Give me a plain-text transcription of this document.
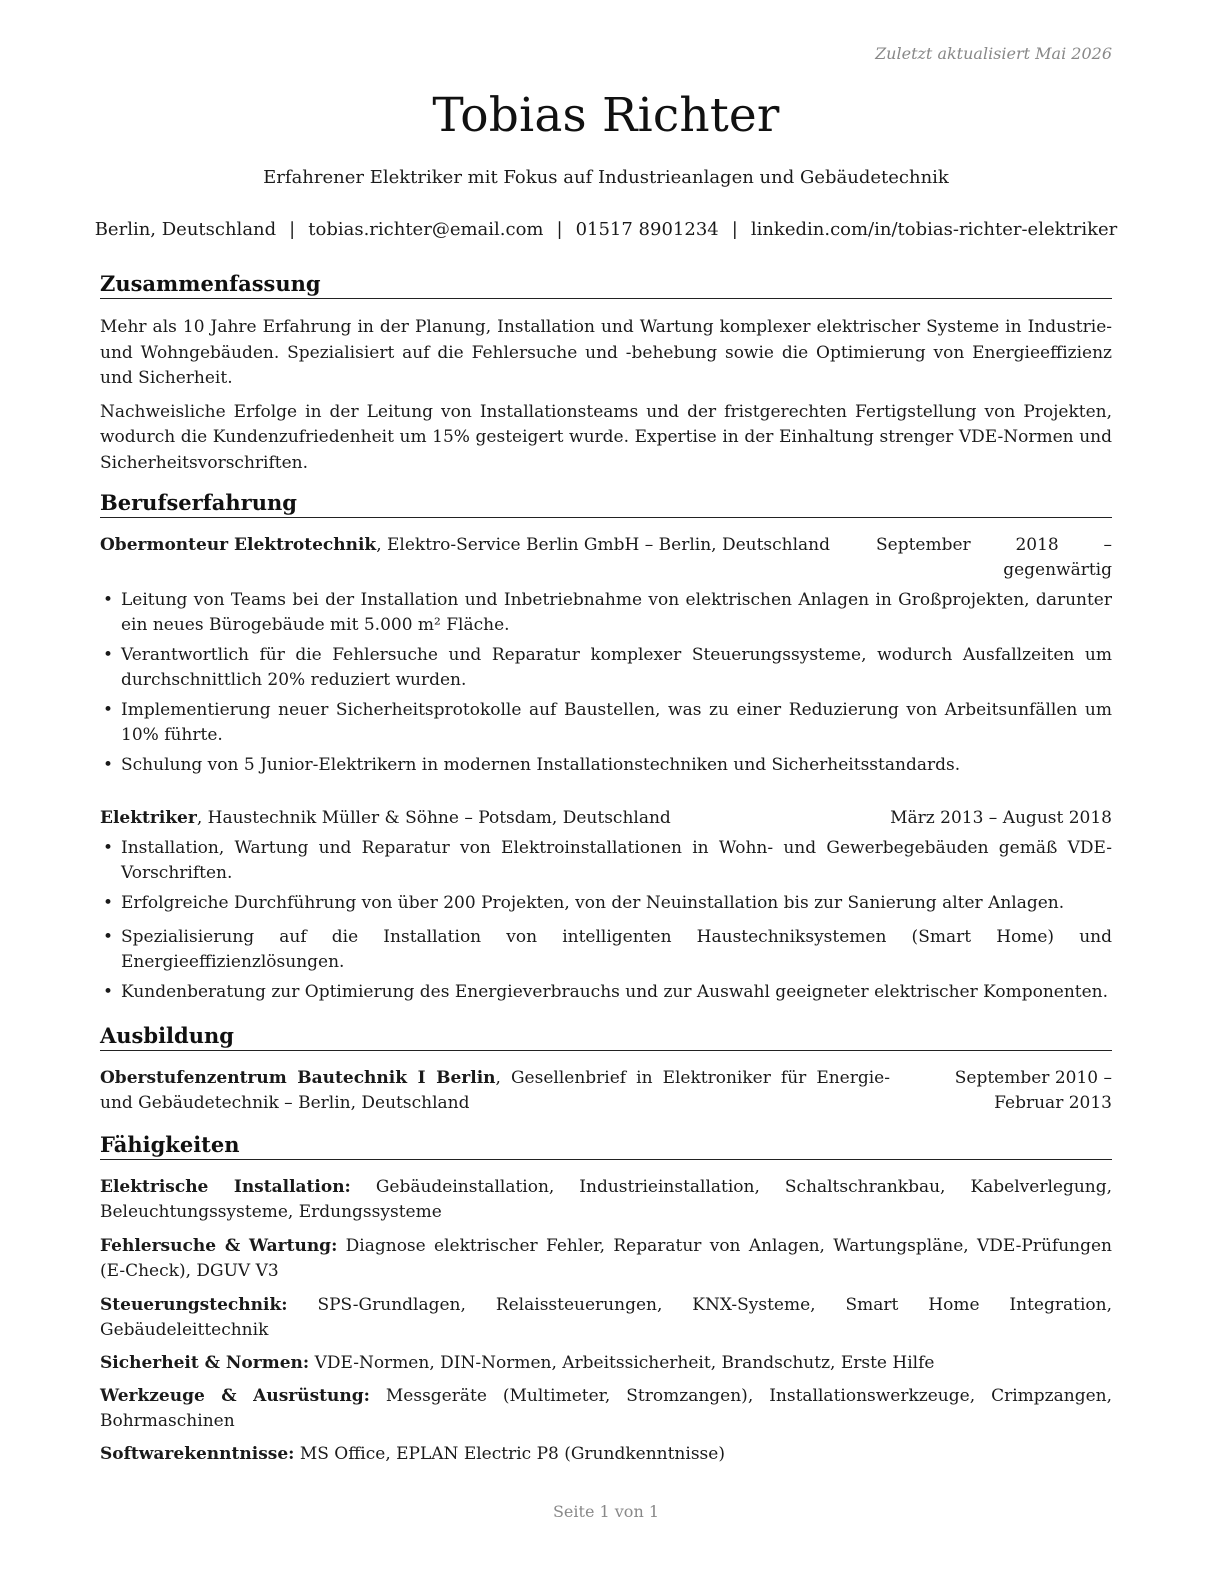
Zuletzt aktualisiert Mai 2026
Tobias Richter
Erfahrener Elektriker mit Fokus auf Industrieanlagen und Gebäudetechnik
Berlin, Deutschland | tobias.richter@email.com | 01517 8901234 | linkedin.com/in/tobias-richter-elektriker
Zusammenfassung

Mehr als 10 Jahre Erfahrung in der Planung, Installation und Wartung komplexer elektrischer Systeme in Industrie- und Wohngebäuden. Spezialisiert auf die Fehlersuche und -behebung sowie die Optimierung von Energieeffizienz und Sicherheit.

Nachweisliche Erfolge in der Leitung von Installationsteams und der fristgerechten Fertigstellung von Projekten, wodurch die Kundenzufriedenheit um 15% gesteigert wurde. Expertise in der Einhaltung strenger VDE-Normen und Sicherheitsvorschriften.

Berufserfahrung
Obermonteur Elektrotechnik, Elektro-Service Berlin GmbH – Berlin, Deutschland	September 2018 – gegenwärtig
• Leitung von Teams bei der Installation und Inbetriebnahme von elektrischen Anlagen in Großprojekten, darunter ein neues Bürogebäude mit 5.000 m² Fläche.
• Verantwortlich für die Fehlersuche und Reparatur komplexer Steuerungssysteme, wodurch Ausfallzeiten um durchschnittlich 20% reduziert wurden.
• Implementierung neuer Sicherheitsprotokolle auf Baustellen, was zu einer Reduzierung von Arbeitsunfällen um 10% führte.
• Schulung von 5 Junior-Elektrikern in modernen Installationstechniken und Sicherheitsstandards.
Elektriker, Haustechnik Müller & Söhne – Potsdam, Deutschland	März 2013 – August 2018
• Installation, Wartung und Reparatur von Elektroinstallationen in Wohn- und Gewerbegebäuden gemäß VDE-Vorschriften.
• Erfolgreiche Durchführung von über 200 Projekten, von der Neuinstallation bis zur Sanierung alter Anlagen.
• Spezialisierung auf die Installation von intelligenten Haustechniksystemen (Smart Home) und Energieeffizienzlösungen.
• Kundenberatung zur Optimierung des Energieverbrauchs und zur Auswahl geeigneter elektrischer Komponenten.
Ausbildung
Oberstufenzentrum Bautechnik I Berlin, Gesellenbrief in Elektroniker für Energie- und Gebäudetechnik – Berlin, Deutschland
September 2010 – Februar 2013
Fähigkeiten
Elektrische Installation: Gebäudeinstallation, Industrieinstallation, Schaltschrankbau, Kabelverlegung, Beleuchtungssysteme, Erdungssysteme
Fehlersuche & Wartung: Diagnose elektrischer Fehler, Reparatur von Anlagen, Wartungspläne, VDE-Prüfungen (E-Check), DGUV V3
Steuerungstechnik: SPS-Grundlagen, Relaissteuerungen, KNX-Systeme, Smart Home Integration, Gebäudeleittechnik
Sicherheit & Normen: VDE-Normen, DIN-Normen, Arbeitssicherheit, Brandschutz, Erste Hilfe
Werkzeuge & Ausrüstung: Messgeräte (Multimeter, Stromzangen), Installationswerkzeuge, Crimpzangen, Bohrmaschinen
Softwarekenntnisse: MS Office, EPLAN Electric P8 (Grundkenntnisse)
Seite 1 von 1
